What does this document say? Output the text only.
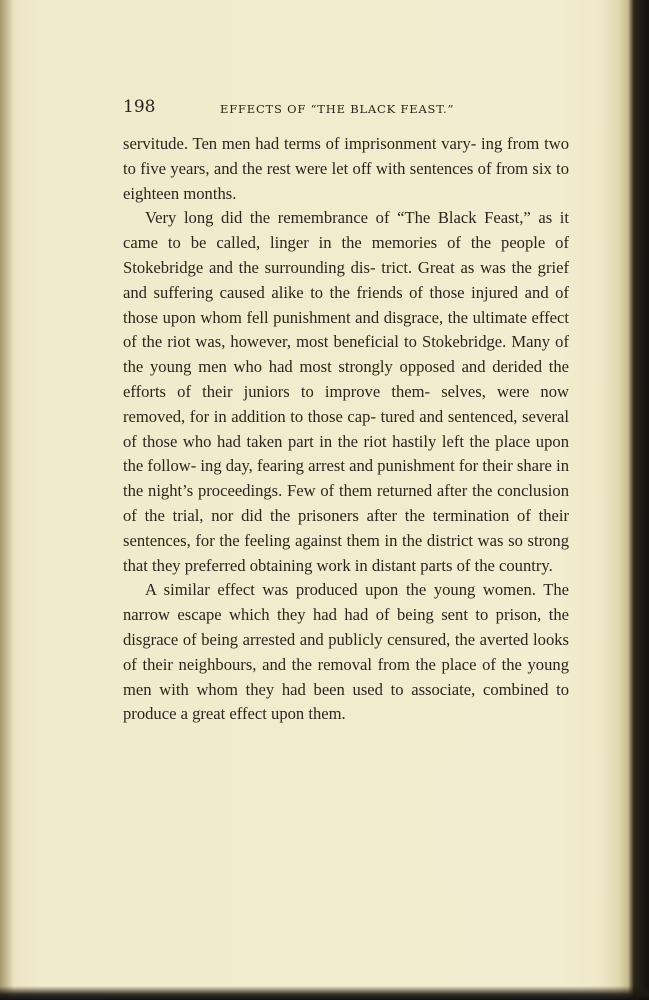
198	EFFECTS OF “THE BLACK FEAST.”

servitude. Ten men had terms of imprisonment vary- ing from two to five years, and the rest were let off with sentences of from six to eighteen months.

Very long did the remembrance of “The Black Feast,” as it came to be called, linger in the memories of the people of Stokebridge and the surrounding dis- trict. Great as was the grief and suffering caused alike to the friends of those injured and of those upon whom fell punishment and disgrace, the ultimate effect of the riot was, however, most beneficial to Stokebridge. Many of the young men who had most strongly opposed and derided the efforts of their juniors to improve them- selves, were now removed, for in addition to those cap- tured and sentenced, several of those who had taken part in the riot hastily left the place upon the follow- ing day, fearing arrest and punishment for their share in the night’s proceedings. Few of them returned after the conclusion of the trial, nor did the prisoners after the termination of their sentences, for the feeling against them in the district was so strong that they preferred obtaining work in distant parts of the country.

A similar effect was produced upon the young women. The narrow escape which they had had of being sent to prison, the disgrace of being arrested and publicly censured, the averted looks of their neighbours, and the removal from the place of the young men with whom they had been used to associate, combined to produce a great effect upon them.
